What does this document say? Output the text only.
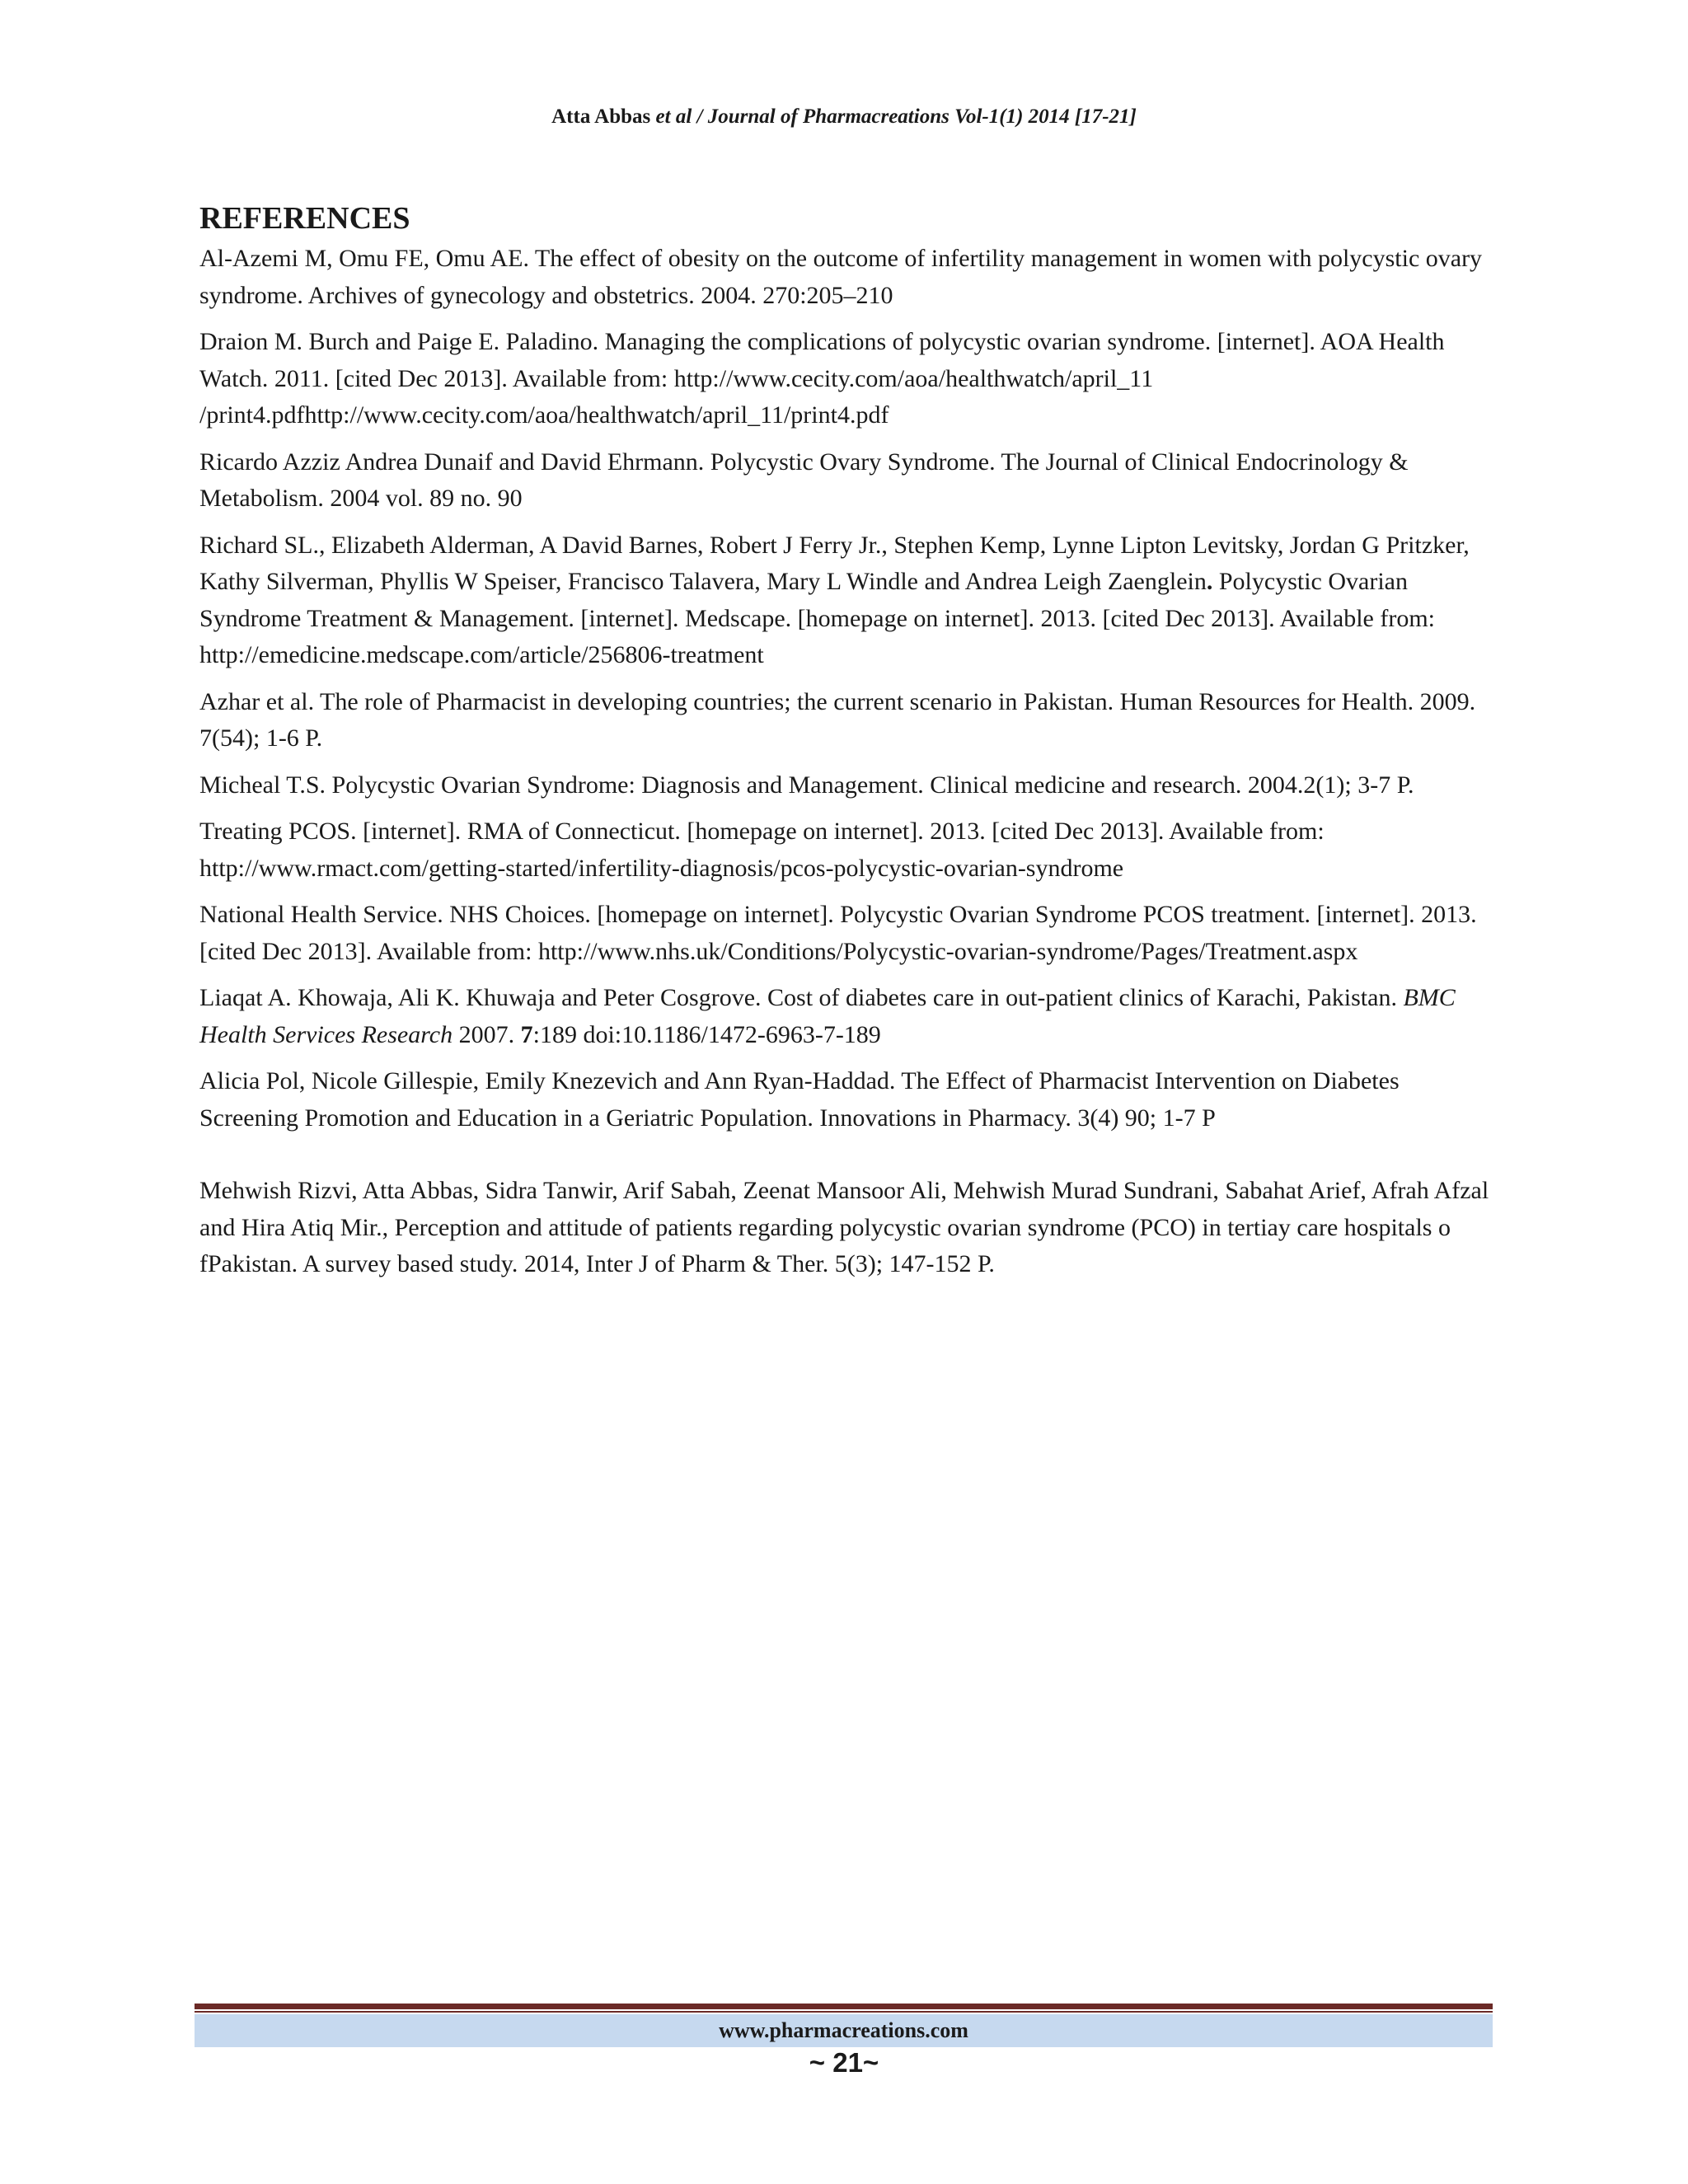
Atta Abbas et al / Journal of Pharmacreations Vol-1(1) 2014 [17-21]
REFERENCES

Al-Azemi M, Omu FE, Omu AE. The effect of obesity on the outcome of infertility management in women with polycystic ovary syndrome. Archives of gynecology and obstetrics. 2004. 270:205–210

Draion M. Burch and Paige E. Paladino. Managing the complications of polycystic ovarian syndrome. [internet]. AOA Health Watch. 2011. [cited Dec 2013]. Available from: http://www.cecity.com/aoa/healthwatch/april_11 /print4.pdfhttp://www.cecity.com/aoa/healthwatch/april_11/print4.pdf

Ricardo Azziz Andrea Dunaif and David Ehrmann. Polycystic Ovary Syndrome. The Journal of Clinical Endocrinology & Metabolism. 2004 vol. 89 no. 90

Richard SL., Elizabeth Alderman, A David Barnes, Robert J Ferry Jr., Stephen Kemp, Lynne Lipton Levitsky, Jordan G Pritzker, Kathy Silverman, Phyllis W Speiser, Francisco Talavera, Mary L Windle and Andrea Leigh Zaenglein. Polycystic Ovarian Syndrome Treatment & Management. [internet]. Medscape. [homepage on internet]. 2013. [cited Dec 2013]. Available from: http://emedicine.medscape.com/article/256806-treatment

Azhar et al. The role of Pharmacist in developing countries; the current scenario in Pakistan. Human Resources for Health. 2009. 7(54); 1-6 P.

Micheal T.S. Polycystic Ovarian Syndrome: Diagnosis and Management. Clinical medicine and research. 2004.2(1); 3-7 P.

Treating PCOS. [internet]. RMA of Connecticut. [homepage on internet]. 2013. [cited Dec 2013]. Available from: http://www.rmact.com/getting-started/infertility-diagnosis/pcos-polycystic-ovarian-syndrome

National Health Service. NHS Choices. [homepage on internet]. Polycystic Ovarian Syndrome PCOS treatment. [internet]. 2013. [cited Dec 2013]. Available from: http://www.nhs.uk/Conditions/Polycystic-ovarian-syndrome/Pages/Treatment.aspx

Liaqat A. Khowaja, Ali K. Khuwaja and Peter Cosgrove. Cost of diabetes care in out-patient clinics of Karachi, Pakistan. BMC Health Services Research 2007. 7:189 doi:10.1186/1472-6963-7-189

Alicia Pol, Nicole Gillespie, Emily Knezevich and Ann Ryan-Haddad. The Effect of Pharmacist Intervention on Diabetes Screening Promotion and Education in a Geriatric Population. Innovations in Pharmacy. 3(4) 90; 1-7 P

Mehwish Rizvi, Atta Abbas, Sidra Tanwir, Arif Sabah, Zeenat Mansoor Ali, Mehwish Murad Sundrani, Sabahat Arief, Afrah Afzal and Hira Atiq Mir., Perception and attitude of patients regarding polycystic ovarian syndrome (PCO) in tertiay care hospitals o fPakistan. A survey based study. 2014, Inter J of Pharm & Ther. 5(3); 147-152 P.

www.pharmacreations.com
~ 21~
